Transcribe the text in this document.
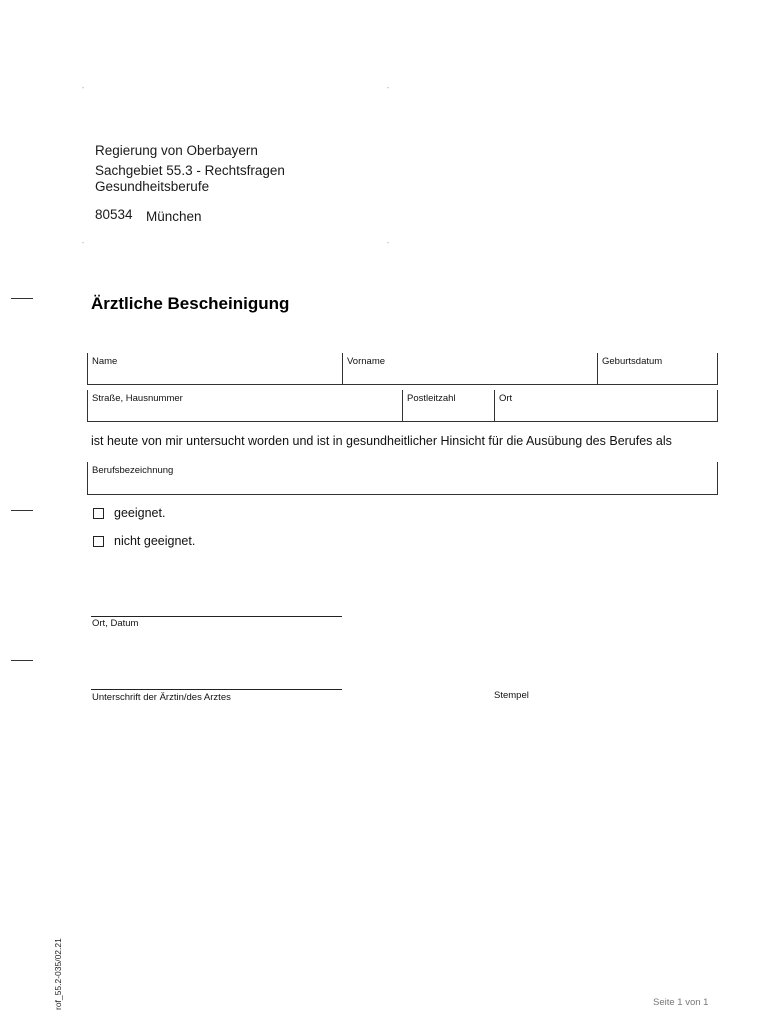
¨	¨
¨	¨
Regierung von Oberbayern
Sachgebiet 55.3 - Rechtsfragen
Gesundheitsberufe
80534 München
Ärztliche Bescheinigung
Name	Vorname	Geburtsdatum
Straße, Hausnummer	Postleitzahl	Ort
ist heute von mir untersucht worden und ist in gesundheitlicher Hinsicht für die Ausübung des Berufes als
Berufsbezeichnung
geeignet.
nicht geeignet.
Ort, Datum
Unterschrift der Ärztin/des Arztes	Stempel
rof_55.2-035/02.21	Seite 1 von 1
